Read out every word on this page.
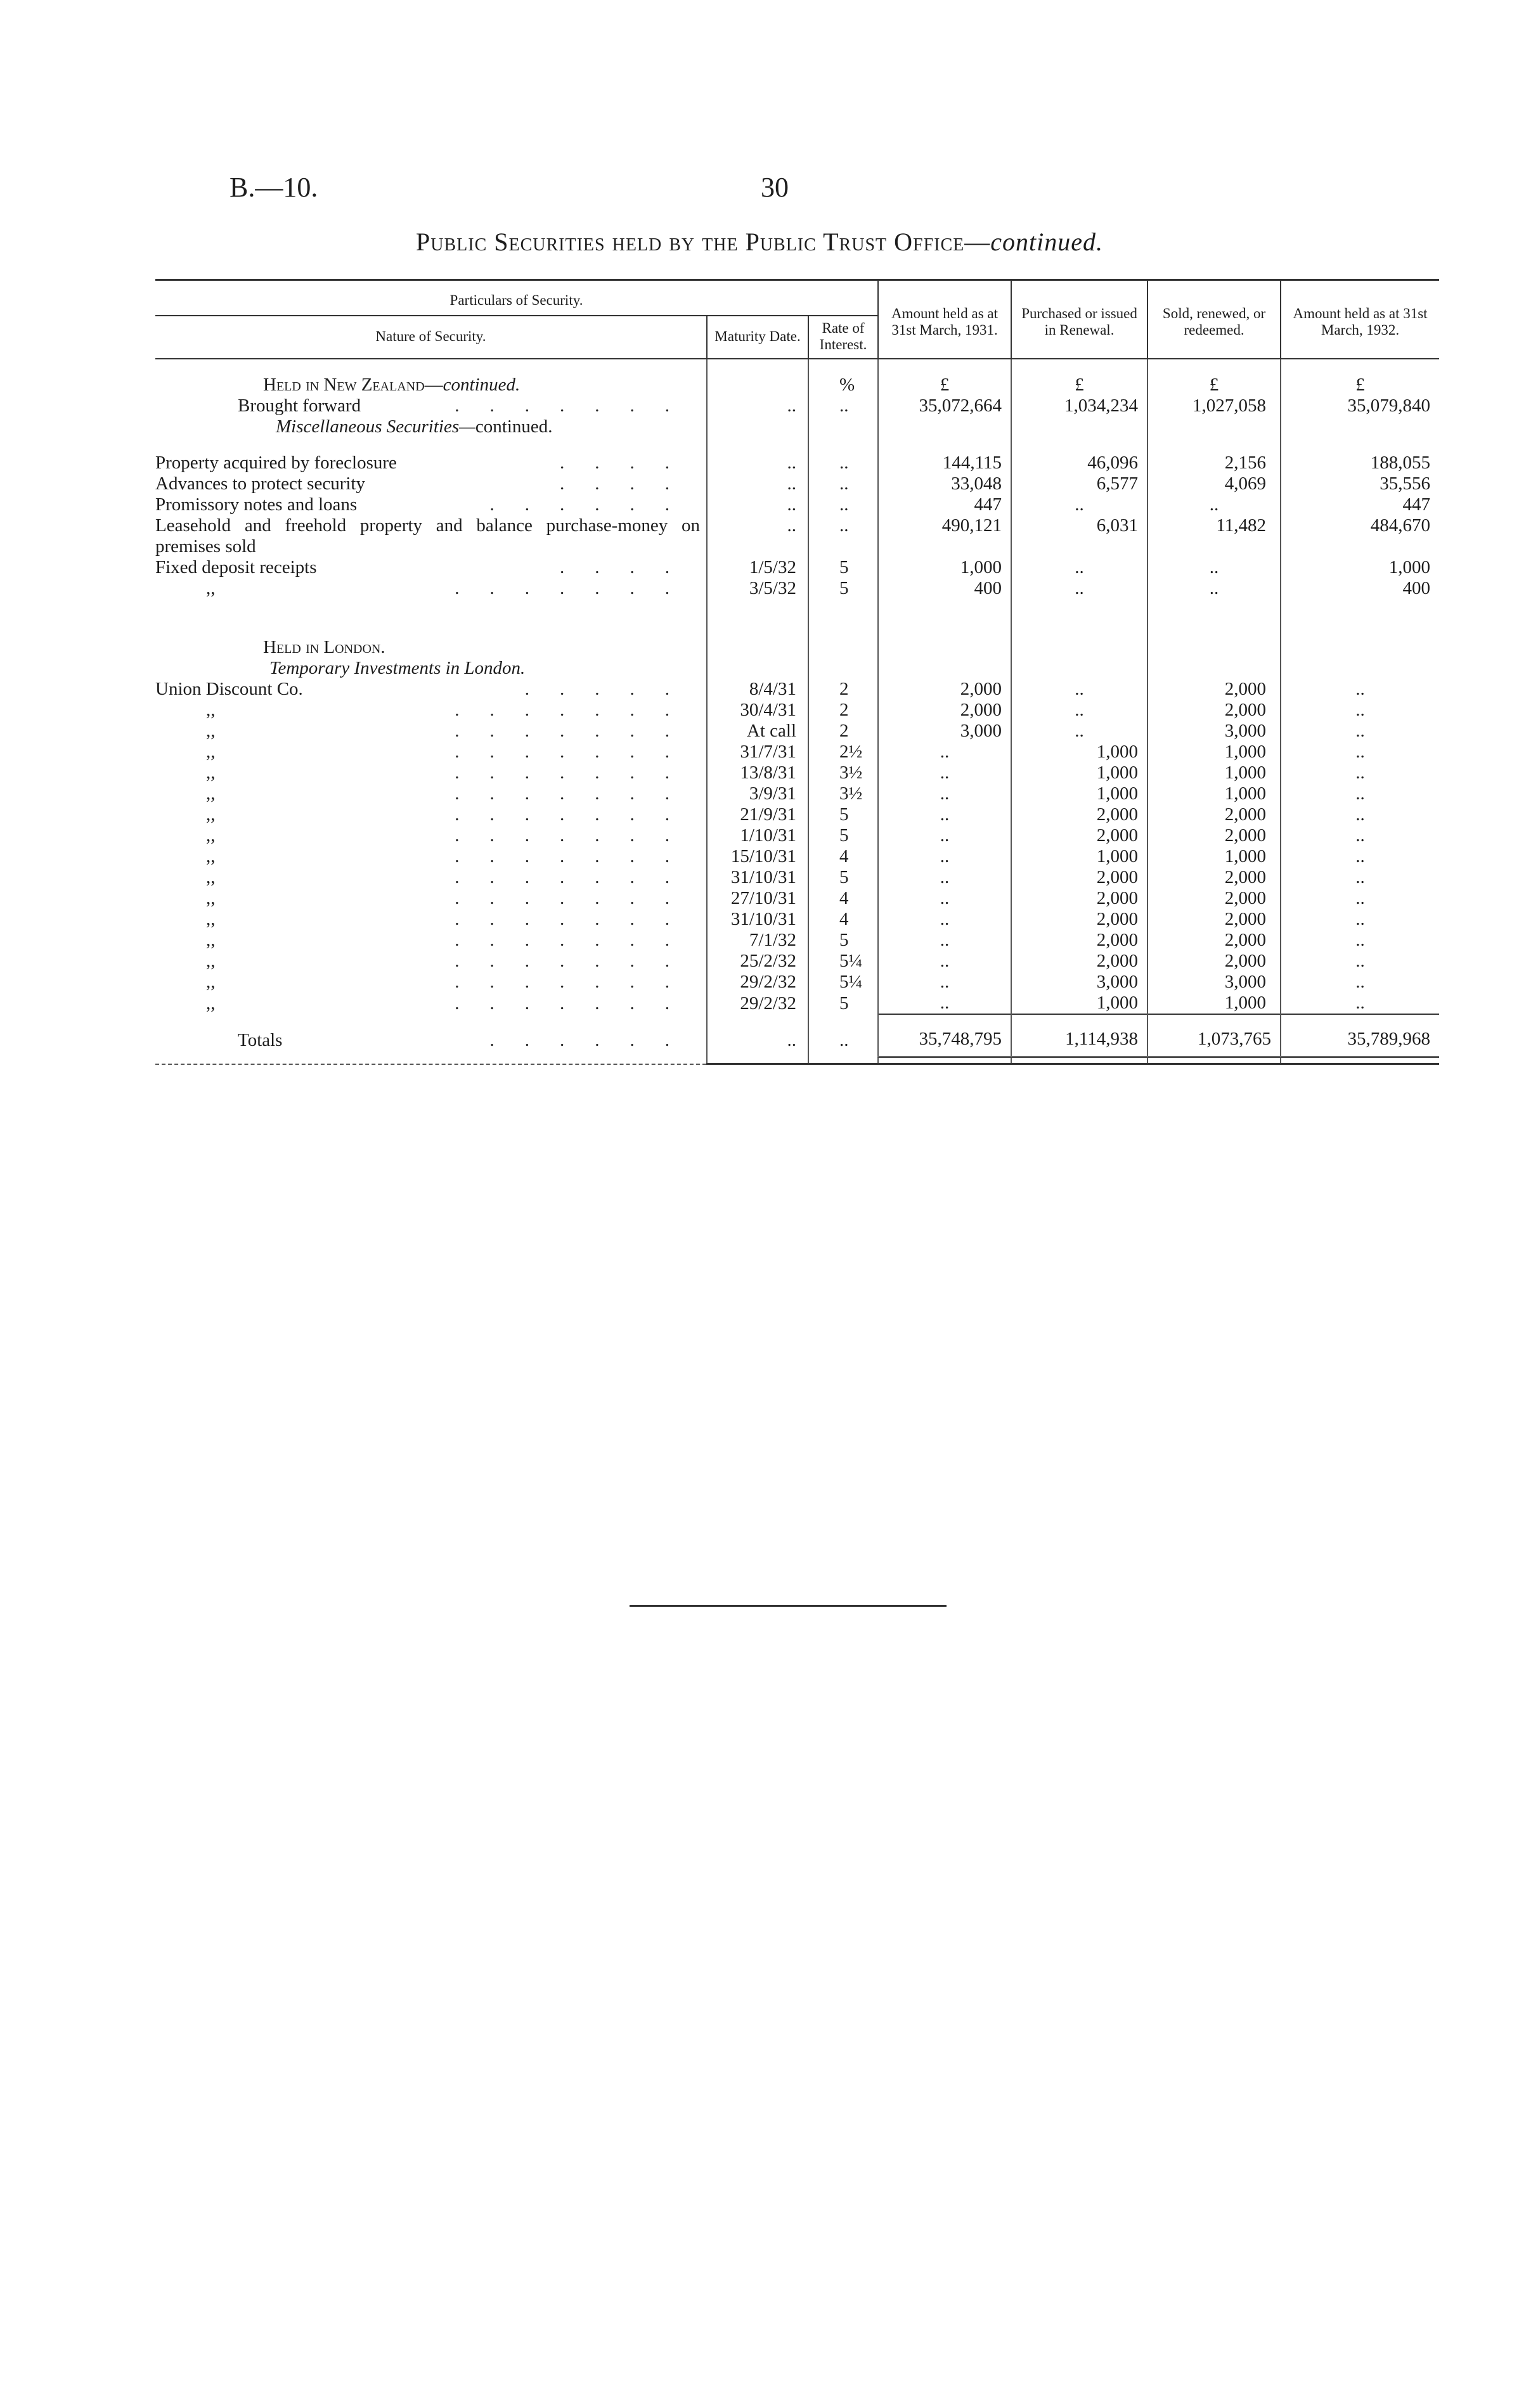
B.—10.	30
Public Securities held by the Public Trust Office—continued.
Particulars of Security.			Amount held as at 31st March, 1931.	Purchased or issued in Renewal.	Sold, renewed, or redeemed.	Amount held as at 31st March, 1932.
Nature of Security.	Maturity Date.	Rate of Interest.				

Held in New Zealand—continued.		%	£	£	£	£

Brought forward .......	..	..	35,072,664	1,034,234	1,027,058	35,079,840
Miscellaneous Securities—continued.						

Property acquired by foreclosure ....	..	..	144,115	46,096	2,156	188,055

Advances to protect security ....	..	..	33,048	6,577	4,069	35,556

Promissory notes and loans ......	..	..	447	..	..	447
Leasehold and freehold property and balance purchase-money on premises sold	..	..	490,121	6,031	11,482	484,670

Fixed deposit receipts ....	1/5/32	5	1,000	..	..	1,000

,, .......	3/5/32	5	400	..	..	400

Held in London.						
Temporary Investments in London.						

Union Discount Co. .....	8/4/31	2	2,000	..	2,000	..

,, .......	30/4/31	2	2,000	..	2,000	..

,, .......	At call	2	3,000	..	3,000	..

,, .......	31/7/31	2½	..	1,000	1,000	..

,, .......	13/8/31	3½	..	1,000	1,000	..

,, .......	3/9/31	3½	..	1,000	1,000	..

,, .......	21/9/31	5	..	2,000	2,000	..

,, .......	1/10/31	5	..	2,000	2,000	..

,, .......	15/10/31	4	..	1,000	1,000	..

,, .......	31/10/31	5	..	2,000	2,000	..

,, .......	27/10/31	4	..	2,000	2,000	..

,, .......	31/10/31	4	..	2,000	2,000	..

,, .......	7/1/32	5	..	2,000	2,000	..

,, .......	25/2/32	5¼	..	2,000	2,000	..

,, .......	29/2/32	5¼	..	3,000	3,000	..

,, .......	29/2/32	5	..	1,000	1,000	..

Totals ......	..	..	35,748,795	1,114,938	1,073,765	35,789,968
